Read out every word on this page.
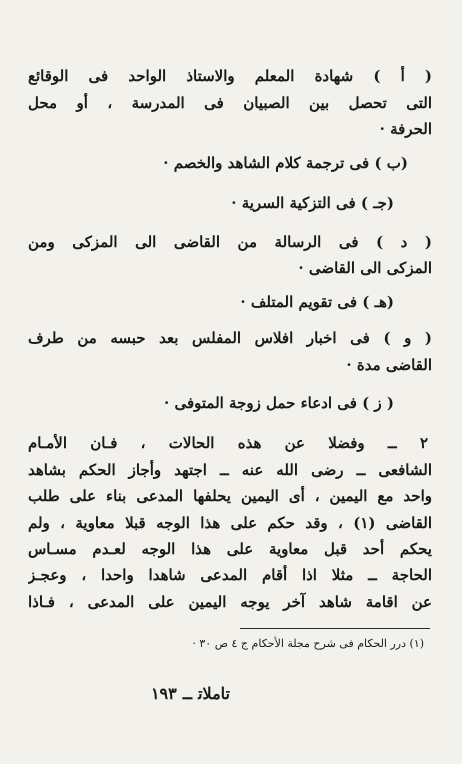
( أ ) شهادة المعلم والاستاذ الواحد فى الوقائع
التى تحصل بين الصبيان فى المدرسة ، أو محل
الحرفة ·
(ب ) فى ترجمة كلام الشاهد والخصم ·
(جـ ) فى التزكية السرية ·
( د ) فى الرسالة من القاضى الى المزكى ومن
المزكى الى القاضى ·
(هـ ) فى تقويم المتلف ·
( و ) فى اخبار افلاس المفلس بعد حبسه من طرف
القاضى مدة ·
( ز ) فى ادعاء حمل زوجة المتوفى ·
٢ ــ وفضلا عن هذه الحالات ، فـان الأمـام
الشافعى ــ رضى الله عنه ــ اجتهد وأجاز الحكم بشاهد
واحد مع اليمين ، أى اليمين يحلفها المدعى بناء على طلب
القاضى (١) ، وقد حكم على هذا الوجه قبلا معاوية ، ولم
يحكم أحد قبل معاوية على هذا الوجه لعـدم مسـاس
الحاجة ــ مثلا اذا أقام المدعى شاهدا واحدا ، وعجـز
عن اقامة شاهد آخر يوجه اليمين على المدعى ، فـاذا
(١) درر الحكام فى شرح مجلة الأحكام ج ٤ ص ٣٠ ·
تاملاتــ١٩٣
